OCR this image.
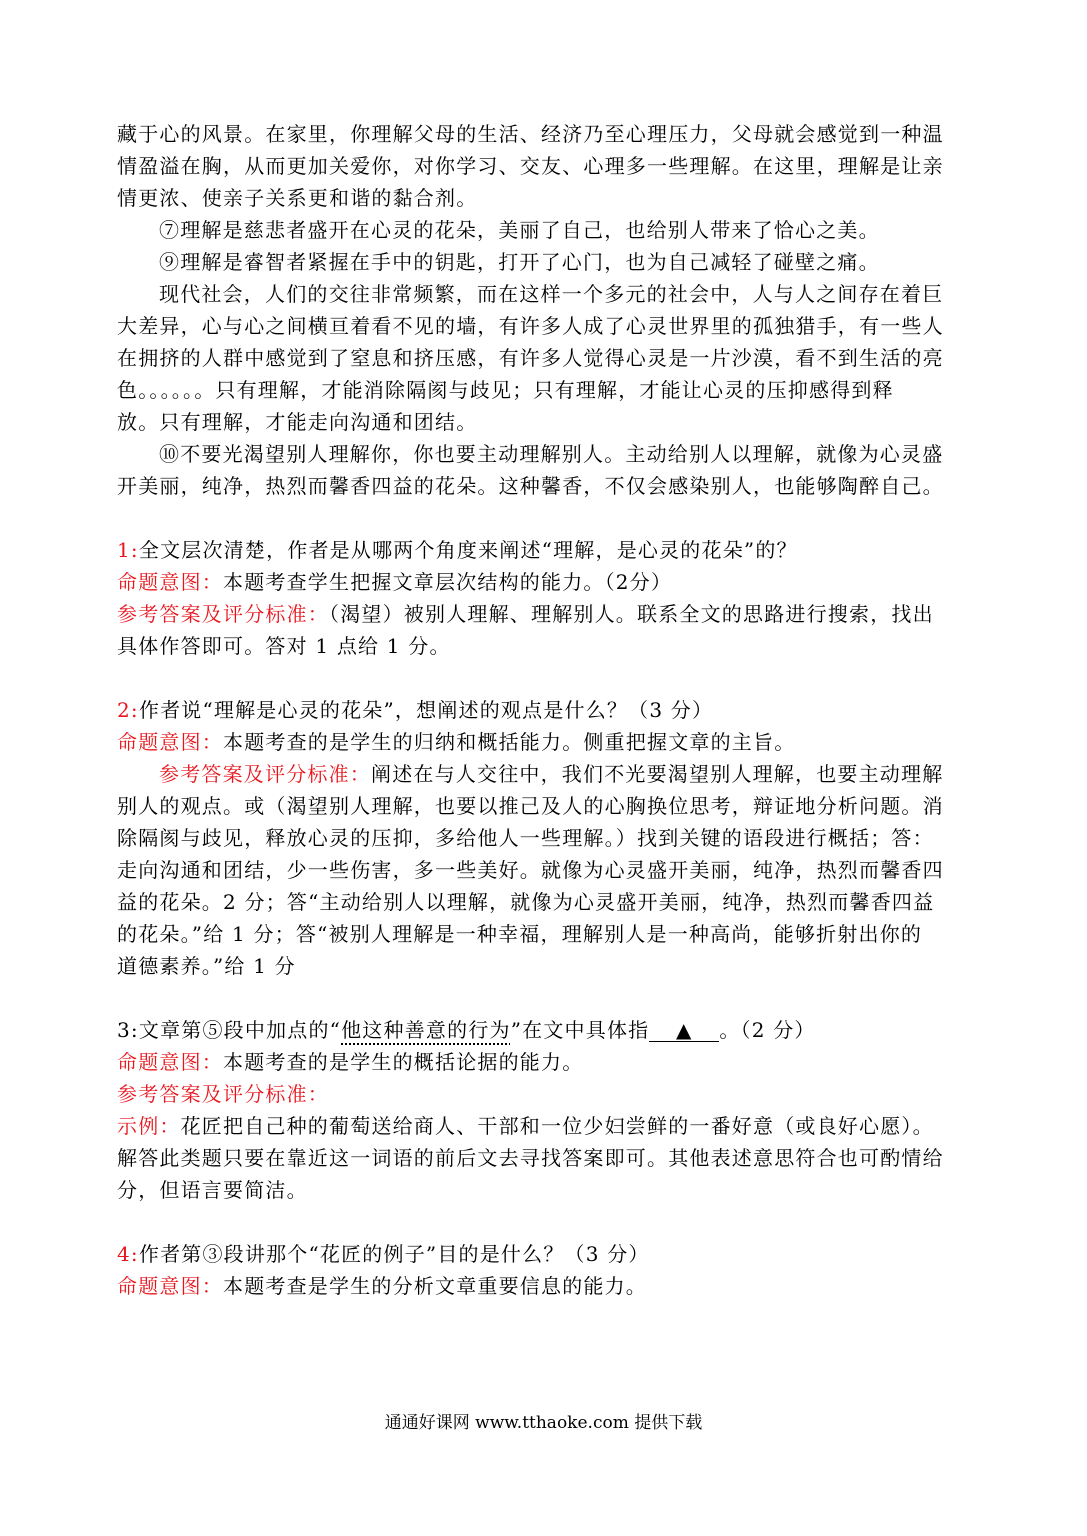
藏于心的风景。在家里，你理解父母的生活、经济乃至心理压力，父母就会感觉到一种温
情盈溢在胸，从而更加关爱你，对你学习、交友、心理多一些理解。在这里，理解是让亲
情更浓、使亲子关系更和谐的黏合剂。
⑦理解是慈悲者盛开在心灵的花朵，美丽了自己，也给别人带来了恰心之美。
⑨理解是睿智者紧握在手中的钥匙，打开了心门，也为自己减轻了碰壁之痛。
现代社会，人们的交往非常频繁，而在这样一个多元的社会中，人与人之间存在着巨
大差异，心与心之间横亘着看不见的墙，有许多人成了心灵世界里的孤独猎手，有一些人
在拥挤的人群中感觉到了窒息和挤压感，有许多人觉得心灵是一片沙漠，看不到生活的亮
色。。。。。。只有理解，才能消除隔阂与歧见；只有理解，才能让心灵的压抑感得到释
放。只有理解，才能走向沟通和团结。
⑩不要光渴望别人理解你，你也要主动理解别人。主动给别人以理解，就像为心灵盛
开美丽，纯净，热烈而馨香四益的花朵。这种馨香，不仅会感染别人，也能够陶醉自己。
1:全文层次清楚，作者是从哪两个角度来阐述“理解，是心灵的花朵”的？
命题意图：本题考查学生把握文章层次结构的能力。（2分）
参考答案及评分标准：（渴望）被别人理解、理解别人。联系全文的思路进行搜索，找出
具体作答即可。答对 1 点给 1 分。
2:作者说“理解是心灵的花朵”，想阐述的观点是什么？（3 分）
命题意图：本题考查的是学生的归纳和概括能力。侧重把握文章的主旨。
参考答案及评分标准：阐述在与人交往中，我们不光要渴望别人理解，也要主动理解
别人的观点。或（渴望别人理解，也要以推己及人的心胸换位思考，辩证地分析问题。消
除隔阂与歧见，释放心灵的压抑，多给他人一些理解。）找到关键的语段进行概括；答：
走向沟通和团结，少一些伤害，多一些美好。就像为心灵盛开美丽，纯净，热烈而馨香四
益的花朵。2 分；答“主动给别人以理解，就像为心灵盛开美丽，纯净，热烈而馨香四益
的花朵。”给 1 分；答“被别人理解是一种幸福，理解别人是一种高尚，能够折射出你的
道德素养。”给 1 分
3:文章第⑤段中加点的“他这种善意的行为”在文中具体指 ▲ 。（2 分）
命题意图：本题考查的是学生的概括论据的能力。
参考答案及评分标准：
示例：花匠把自己种的葡萄送给商人、干部和一位少妇尝鲜的一番好意（或良好心愿）。
解答此类题只要在靠近这一词语的前后文去寻找答案即可。其他表述意思符合也可酌情给
分，但语言要简洁。
4:作者第③段讲那个“花匠的例子”目的是什么？（3 分）
命题意图：本题考查是学生的分析文章重要信息的能力。
通通好课网 www.tthaoke.com 提供下载
